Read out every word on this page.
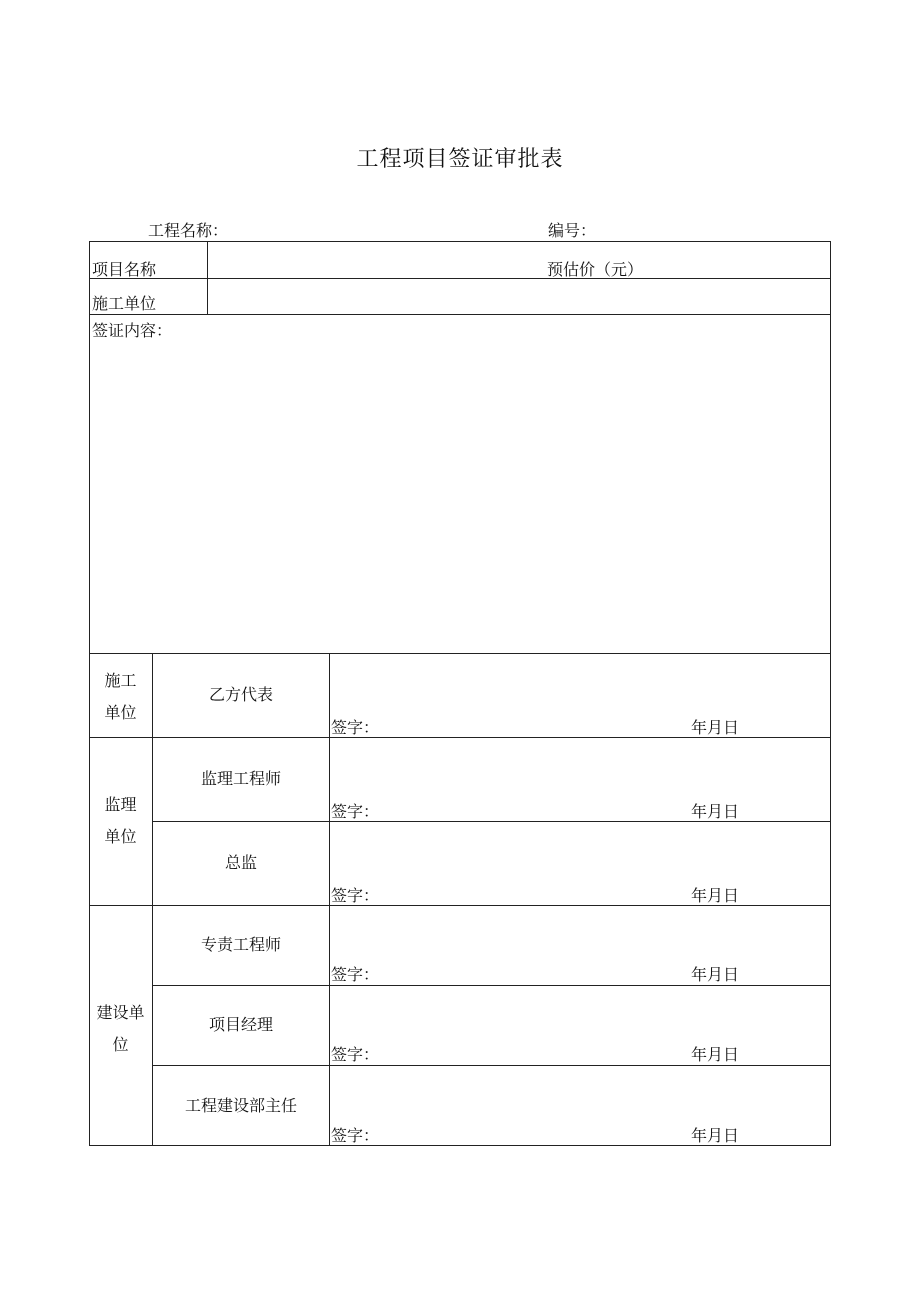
工程项目签证审批表
工程名称：	编号：
项目名称	预估价（元）
施工单位
签证内容：
施工
单位
监理
单位
建设单
位
乙方代表
监理工程师
总监
专责工程师
项目经理
工程建设部主任
签字：
签字：
签字：
签字：
签字：
签字：
年月日
年月日
年月日
年月日
年月日
年月日
